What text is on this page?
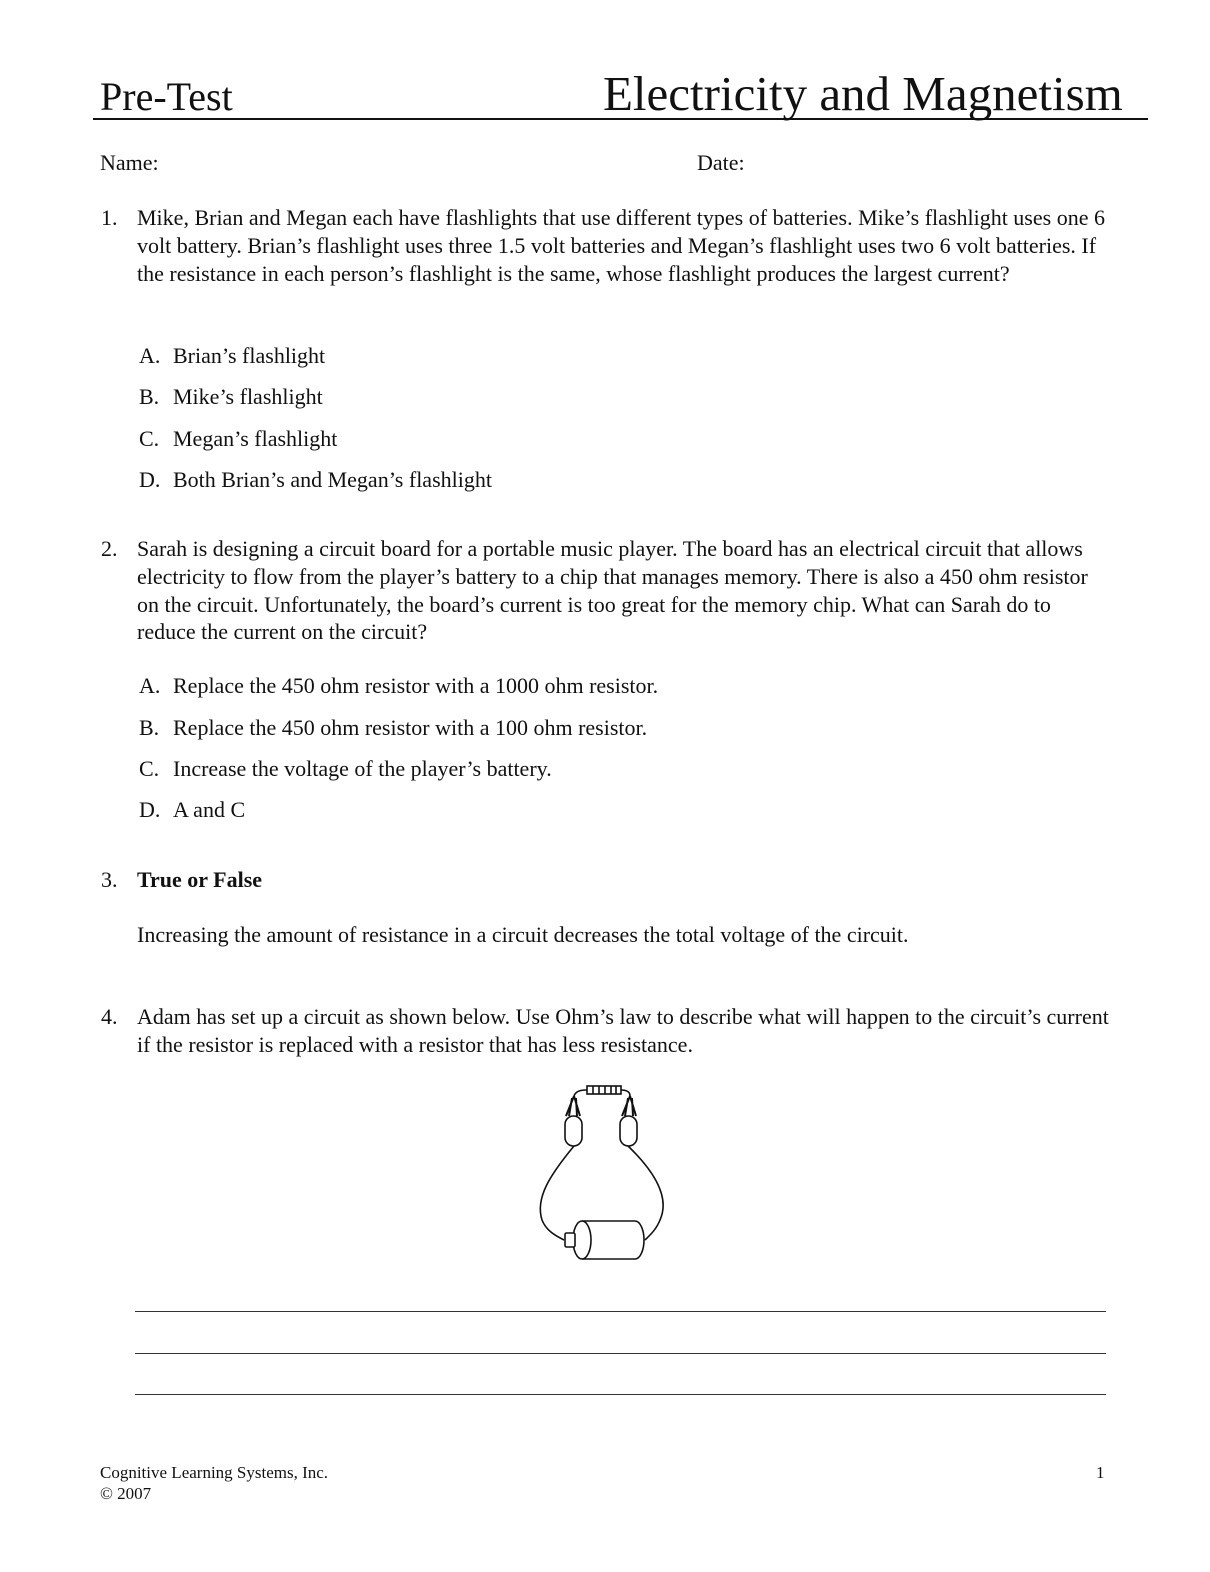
Pre-Test	Electricity and Magnetism
Name:	Date:
1. Mike, Brian and Megan each have flashlights that use different types of batteries. Mike’s flashlight uses one 6 volt battery. Brian’s flashlight uses three 1.5 volt batteries and Megan’s flashlight uses two 6 volt batteries. If the resistance in each person’s flashlight is the same, whose flashlight produces the largest current?
A. Brian’s flashlight
B. Mike’s flashlight
C. Megan’s flashlight
D. Both Brian’s and Megan’s flashlight
2. Sarah is designing a circuit board for a portable music player. The board has an electrical circuit that allows electricity to flow from the player’s battery to a chip that manages memory. There is also a 450 ohm resistor on the circuit. Unfortunately, the board’s current is too great for the memory chip. What can Sarah do to reduce the current on the circuit?
A. Replace the 450 ohm resistor with a 1000 ohm resistor.
B. Replace the 450 ohm resistor with a 100 ohm resistor.
C. Increase the voltage of the player’s battery.
D. A and C
3. True or False
Increasing the amount of resistance in a circuit decreases the total voltage of the circuit.
4. Adam has set up a circuit as shown below. Use Ohm’s law to describe what will happen to the circuit’s current if the resistor is replaced with a resistor that has less resistance.
Cognitive Learning Systems, Inc.
© 2007
1
